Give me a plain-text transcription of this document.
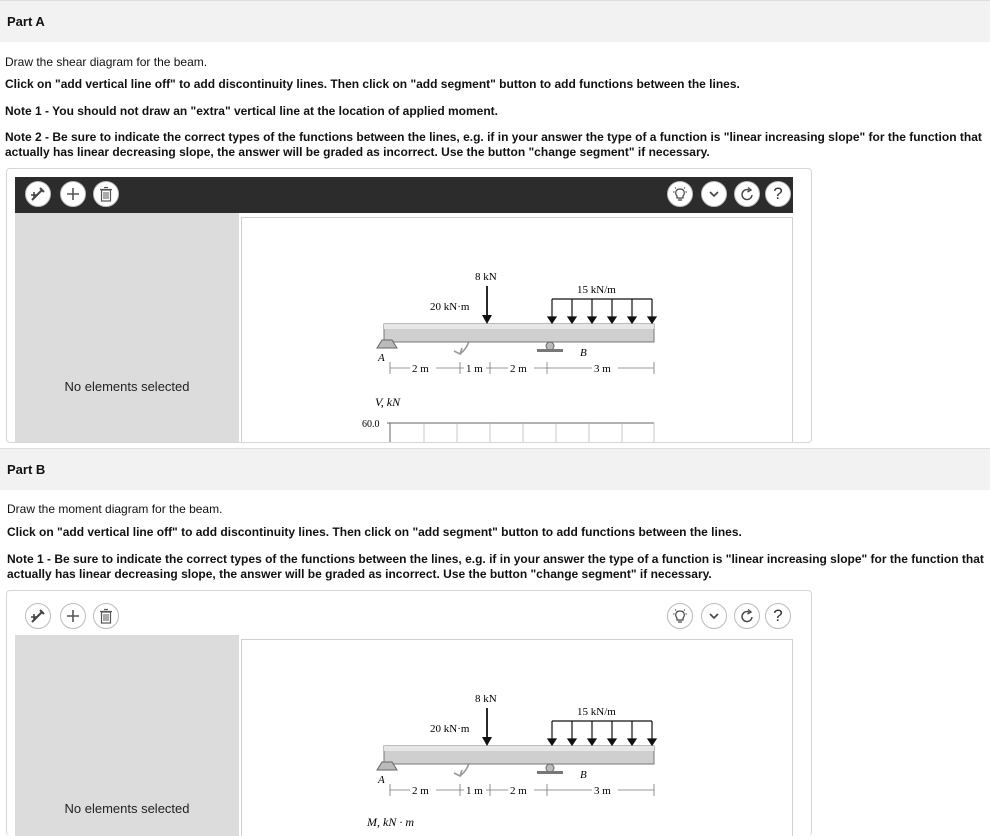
Part A
Draw the shear diagram for the beam.
Click on "add vertical line off" to add discontinuity lines. Then click on "add segment" button to add functions between the lines.
Note 1 - You should not draw an "extra" vertical line at the location of applied moment.
Note 2 - Be sure to indicate the correct types of the functions between the lines, e.g. if in your answer the type of a function is "linear increasing slope" for the function that actually has linear decreasing slope, the answer will be graded as incorrect. Use the button "change segment" if necessary.
?
No elements selected
8 kN
20 kN·m
15 kN/m
A	B
2 m	1 m 2 m	3 m
V, kN
60.0
Part B
Draw the moment diagram for the beam.
Click on "add vertical line off" to add discontinuity lines. Then click on "add segment" button to add functions between the lines.
Note 1 - Be sure to indicate the correct types of the functions between the lines, e.g. if in your answer the type of a function is "linear increasing slope" for the function that actually has linear decreasing slope, the answer will be graded as incorrect. Use the button "change segment" if necessary.
?
No elements selected
8 kN
20 kN·m
15 kN/m
A	B
2 m	1 m 2 m	3 m
M, kN · m
